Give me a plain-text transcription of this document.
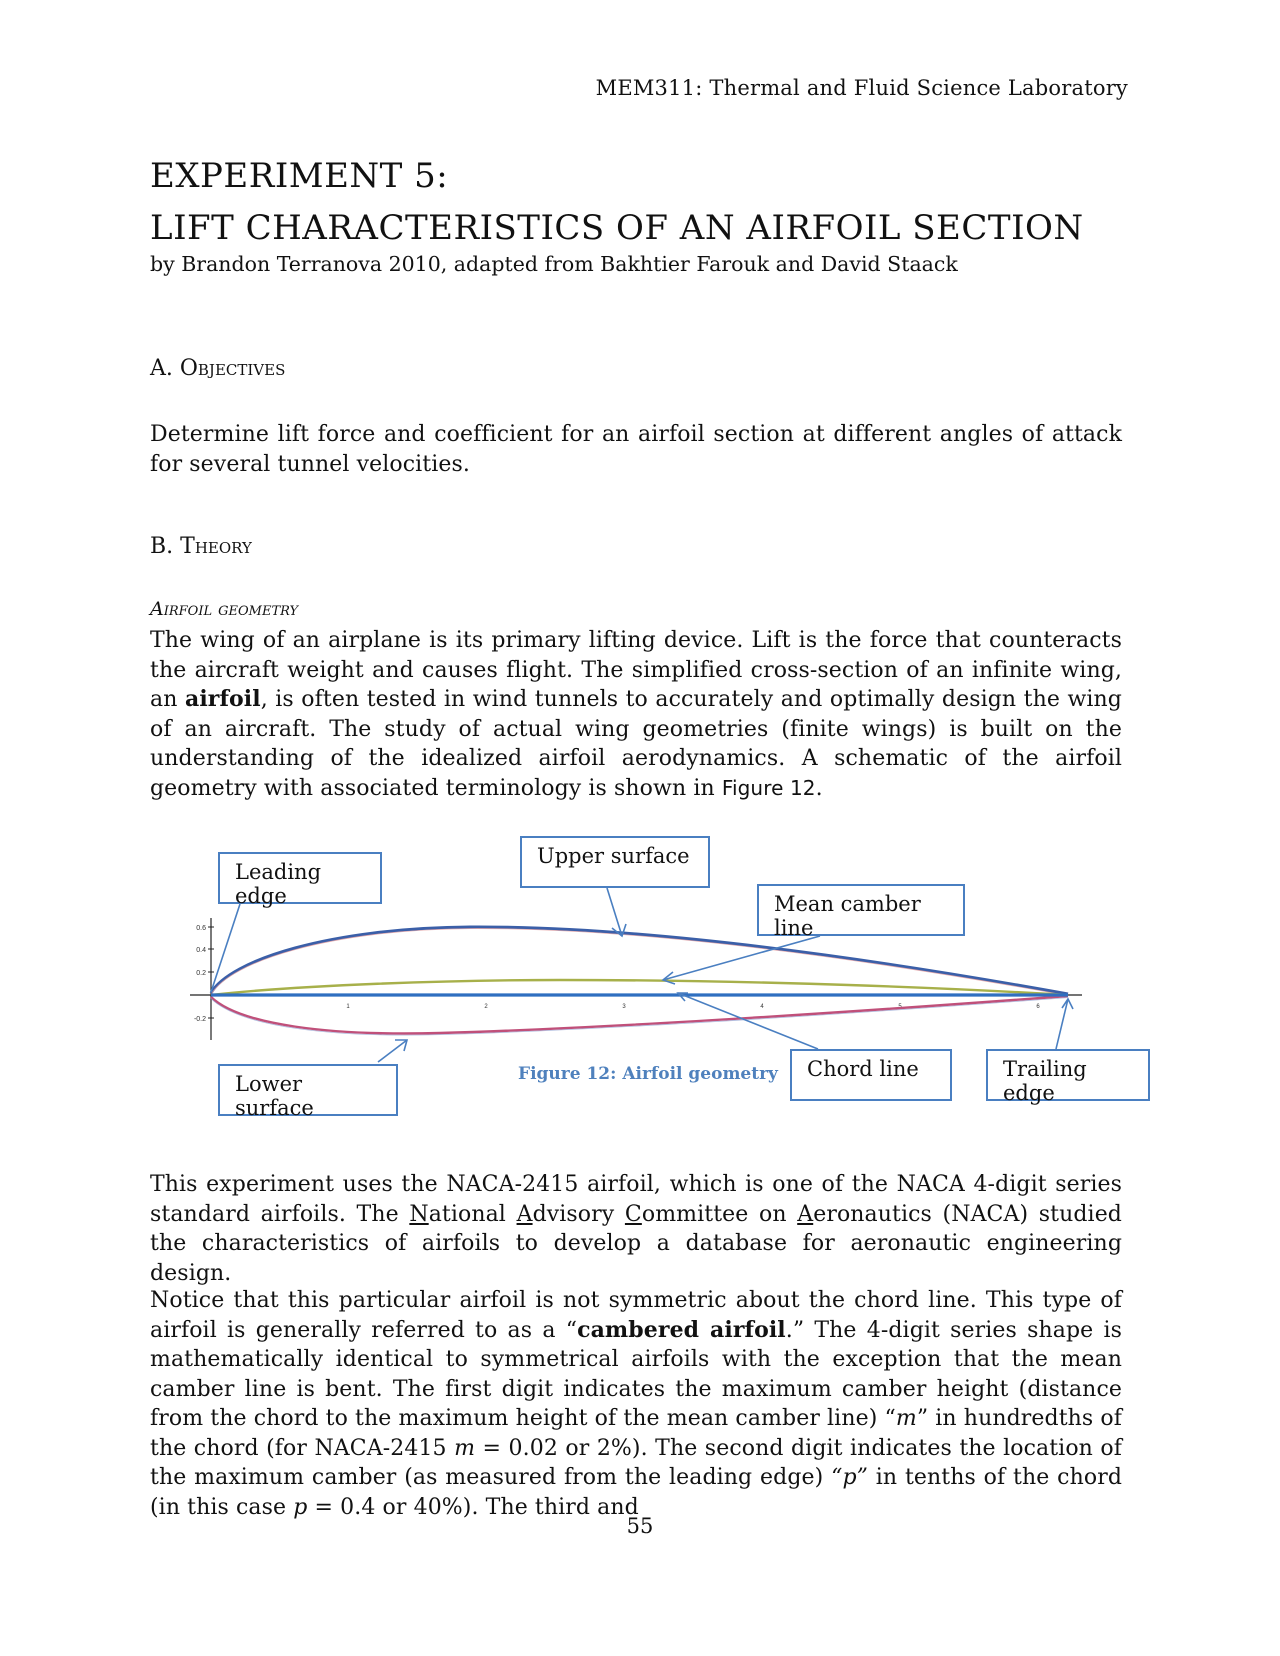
MEM311: Thermal and Fluid Science Laboratory
EXPERIMENT 5:
LIFT CHARACTERISTICS OF AN AIRFOIL SECTION
by Brandon Terranova 2010, adapted from Bakhtier Farouk and David Staack
A. Objectives

Determine lift force and coefficient for an airfoil section at different angles of attack for several tunnel velocities.

B. Theory
Airfoil geometry

The wing of an airplane is its primary lifting device. Lift is the force that counteracts the aircraft weight and causes flight. The simplified cross-section of an infinite wing, an airfoil, is often tested in wind tunnels to accurately and optimally design the wing of an aircraft. The study of actual wing geometries (finite wings) is built on the understanding of the idealized airfoil aerodynamics. A schematic of the airfoil geometry with associated terminology is shown in Figure 12.

0.6
0.4
0.2
-0.2
1	2	3	4	5	6
Leading edge
Upper surface
Mean camber line
Lower surface
Chord line	Trailing edge
Figure 12: Airfoil geometry

This experiment uses the NACA-2415 airfoil, which is one of the NACA 4-digit series standard airfoils. The National Advisory Committee on Aeronautics (NACA) studied the characteristics of airfoils to develop a database for aeronautic engineering design.

Notice that this particular airfoil is not symmetric about the chord line. This type of airfoil is generally referred to as a “cambered airfoil.” The 4-digit series shape is mathematically identical to symmetrical airfoils with the exception that the mean camber line is bent. The first digit indicates the maximum camber height (distance from the chord to the maximum height of the mean camber line) “m” in hundredths of the chord (for NACA-2415 m = 0.02 or 2%). The second digit indicates the location of the maximum camber (as measured from the leading edge) “p” in tenths of the chord (in this case p = 0.4 or 40%). The third and

55
